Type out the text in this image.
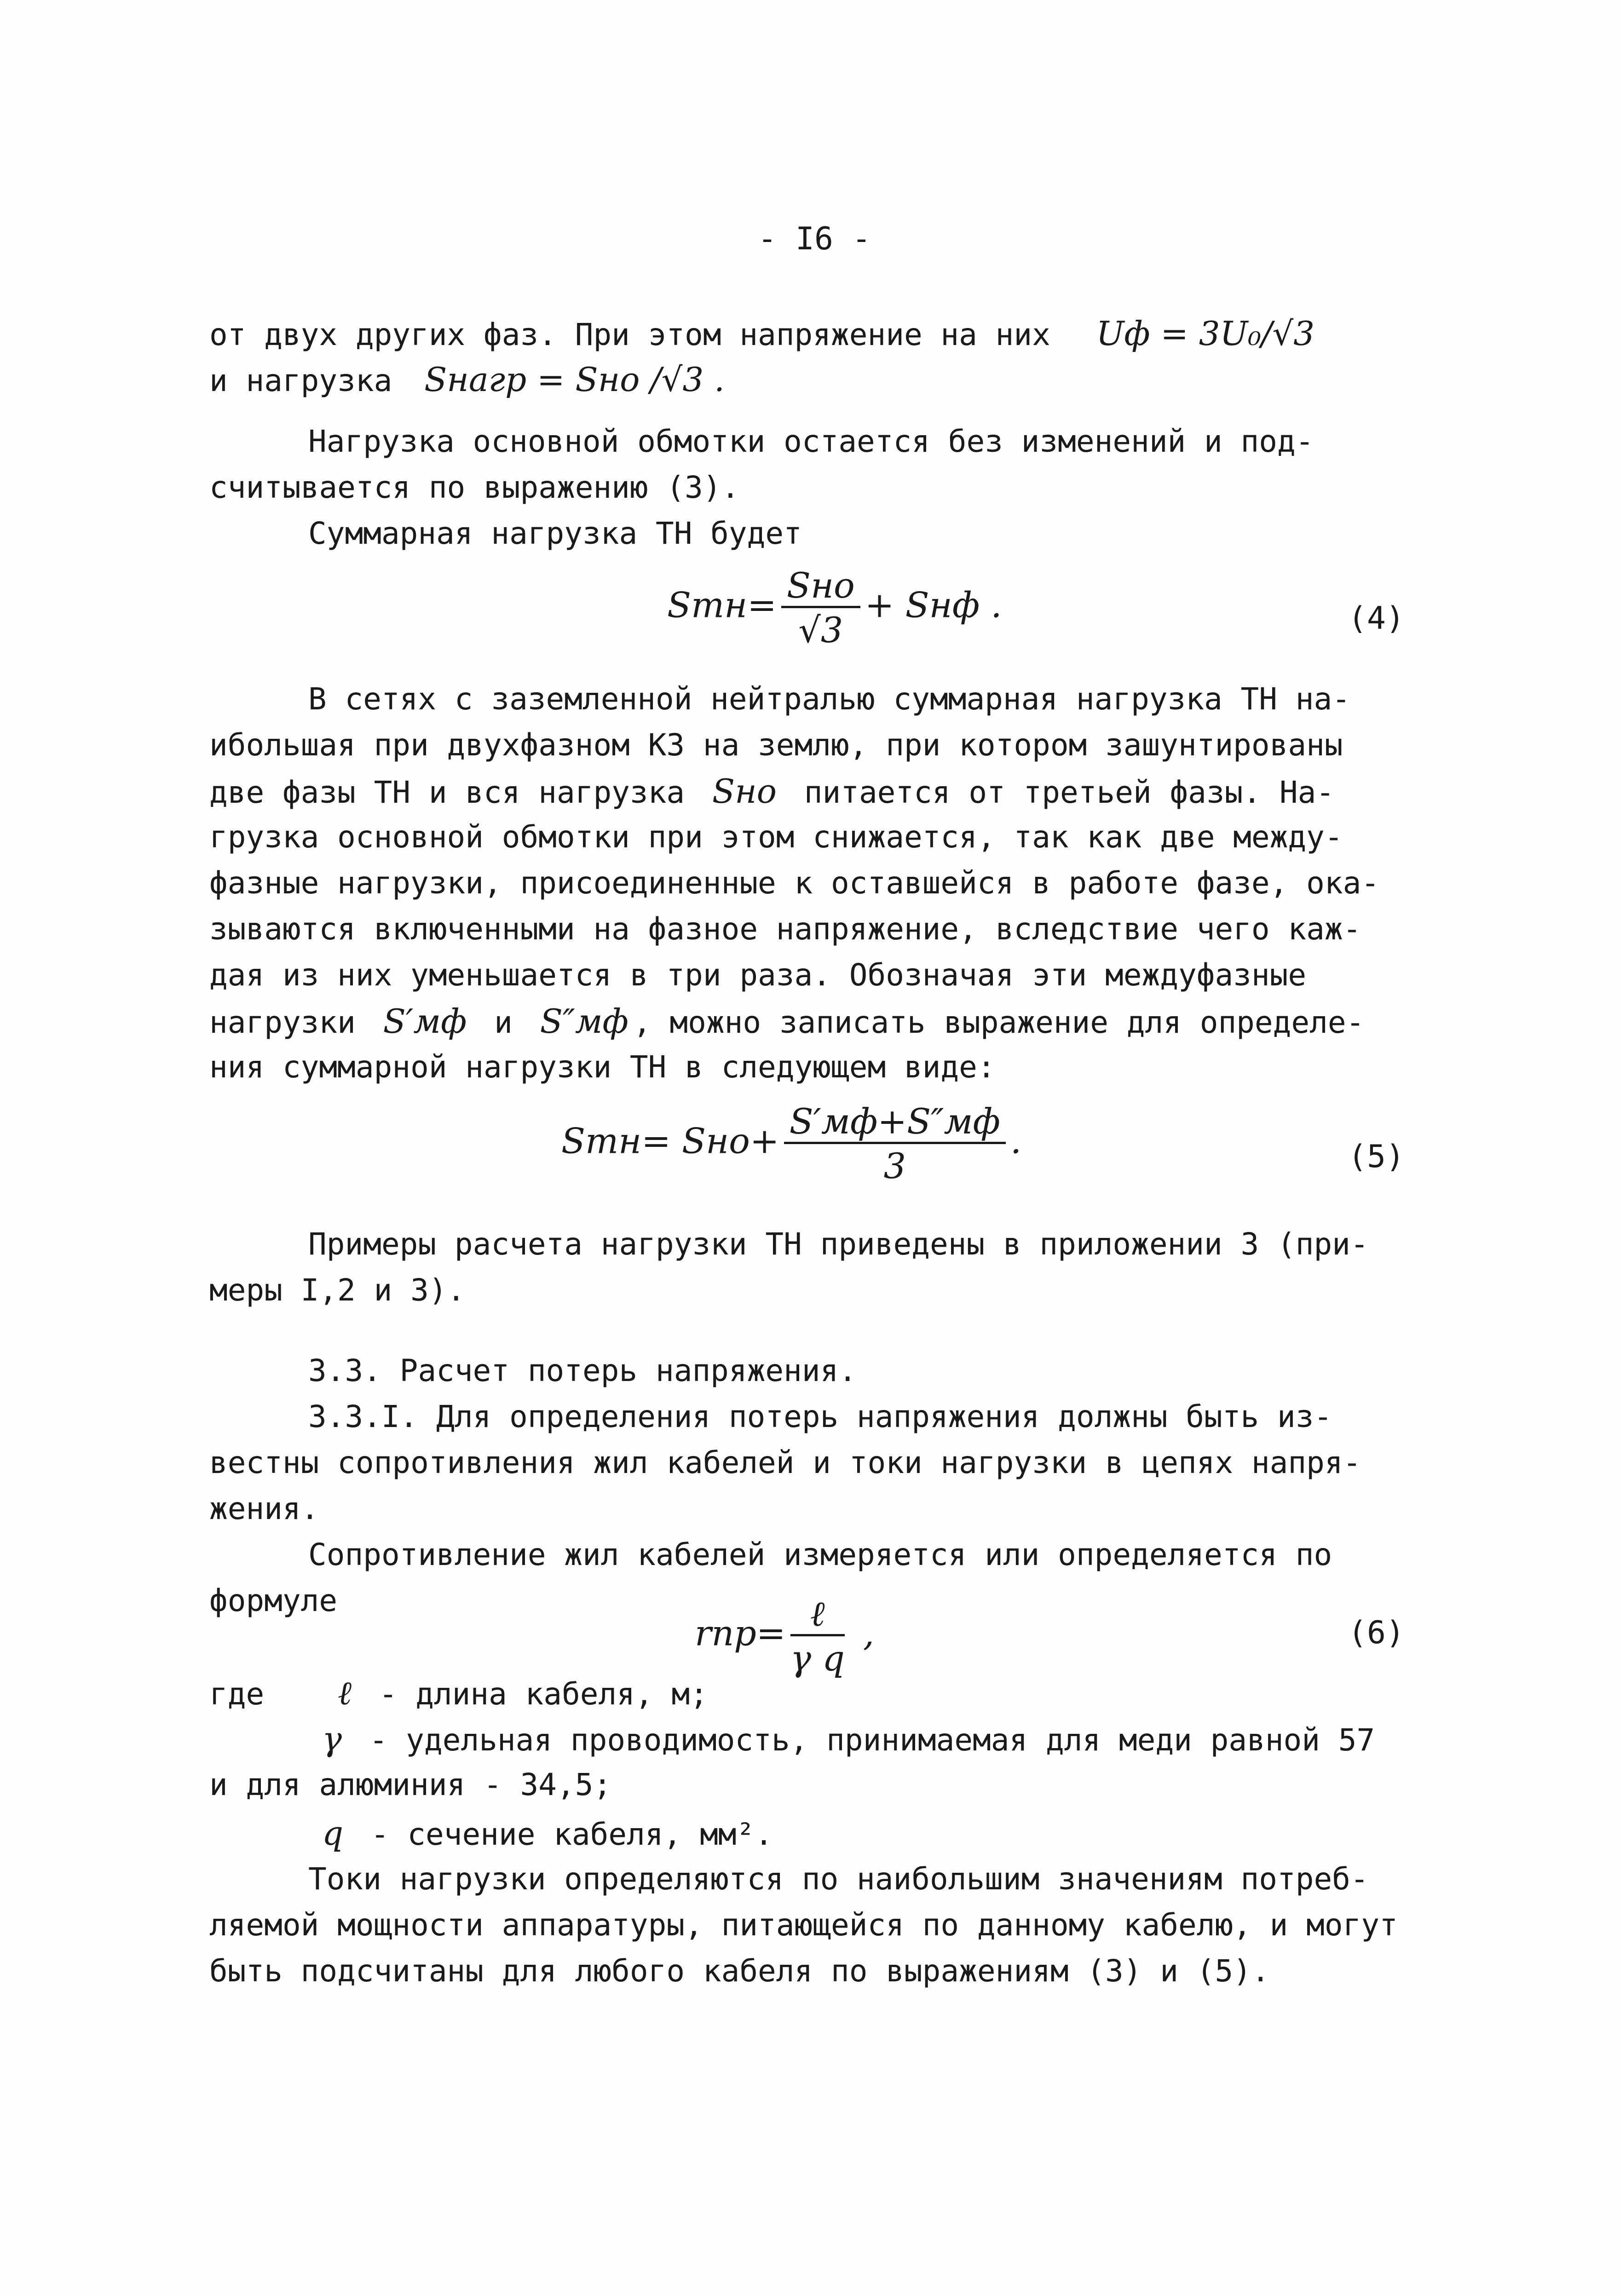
- I6 -
от двух других фаз. При этом напряжение на них Uф = 3U₀/√3
и нагрузка Sнагр = Sно /√3 .
Нагрузка основной обмотки остается без изменений и под-
считывается по выражению (3).
Суммарная нагрузка ТН будет
$Sтн= \frac{\text{Sно}}{√3}$ + Sнф .	(4)
В сетях с заземленной нейтралью суммарная нагрузка ТН на-
ибольшая при двухфазном КЗ на землю, при котором зашунтированы
две фазы ТН и вся нагрузка Sно питается от третьей фазы. На-
грузка основной обмотки при этом снижается, так как две между-
фазные нагрузки, присоединенные к оставшейся в работе фазе, ока-
зываются включенными на фазное напряжение, вследствие чего каж-
дая из них уменьшается в три раза. Обозначая эти междуфазные
нагрузки S′мф и S″мф , можно записать выражение для определе-
ния суммарной нагрузки ТН в следующем виде:
$Sтн= Sно+ \frac{S'мф+S''мф}{3}$ .	(5)
Примеры расчета нагрузки ТН приведены в приложении 3 (при-
меры I,2 и 3).
3.3. Расчет потерь напряжения.
3.3.I. Для определения потерь напряжения должны быть из-
вестны сопротивления жил кабелей и токи нагрузки в цепях напря-
жения.
Сопротивление жил кабелей измеряется или определяется по
формуле
$rпр= \frac{\text{ℓ}}{\text{γ q}}$ ,	(6)
где ℓ - длина кабеля, м;
γ - удельная проводимость, принимаемая для меди равной 57
и для алюминия - 34,5;
q - сечение кабеля, мм².
Токи нагрузки определяются по наибольшим значениям потреб-
ляемой мощности аппаратуры, питающейся по данному кабелю, и могут
быть подсчитаны для любого кабеля по выражениям (3) и (5).
